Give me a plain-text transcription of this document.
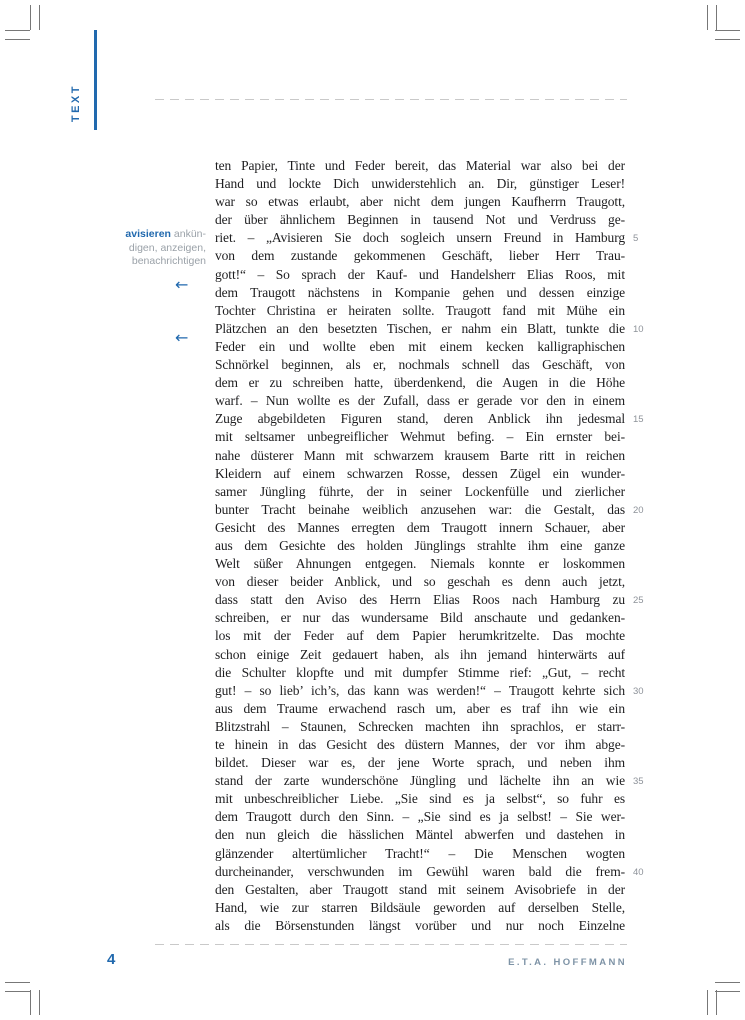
TEXT
avisieren ankün-
digen, anzeigen,
benachrichtigen
←
←
ten Papier, Tinte und Feder bereit, das Material war also bei der
Hand und lockte Dich unwiderstehlich an. Dir, günstiger Leser!
war so etwas erlaubt, aber nicht dem jungen Kaufherrn Traugott,
der über ähnlichem Beginnen in tausend Not und Verdruss ge-
riet. – „Avisieren Sie doch sogleich unsern Freund in Hamburg
von dem zustande gekommenen Geschäft, lieber Herr Trau-
gott!“ – So sprach der Kauf- und Handelsherr Elias Roos, mit
dem Traugott nächstens in Kompanie gehen und dessen einzige
Tochter Christina er heiraten sollte. Traugott fand mit Mühe ein
Plätzchen an den besetzten Tischen, er nahm ein Blatt, tunkte die
Feder ein und wollte eben mit einem kecken kalligraphischen
Schnörkel beginnen, als er, nochmals schnell das Geschäft, von
dem er zu schreiben hatte, überdenkend, die Augen in die Höhe
warf. – Nun wollte es der Zufall, dass er gerade vor den in einem
Zuge abgebildeten Figuren stand, deren Anblick ihn jedesmal
mit seltsamer unbegreiflicher Wehmut befing. – Ein ernster bei-
nahe düsterer Mann mit schwarzem krausem Barte ritt in reichen
Kleidern auf einem schwarzen Rosse, dessen Zügel ein wunder-
samer Jüngling führte, der in seiner Lockenfülle und zierlicher
bunter Tracht beinahe weiblich anzusehen war: die Gestalt, das
Gesicht des Mannes erregten dem Traugott innern Schauer, aber
aus dem Gesichte des holden Jünglings strahlte ihm eine ganze
Welt süßer Ahnungen entgegen. Niemals konnte er loskommen
von dieser beider Anblick, und so geschah es denn auch jetzt,
dass statt den Aviso des Herrn Elias Roos nach Hamburg zu
schreiben, er nur das wundersame Bild anschaute und gedanken-
los mit der Feder auf dem Papier herumkritzelte. Das mochte
schon einige Zeit gedauert haben, als ihn jemand hinterwärts auf
die Schulter klopfte und mit dumpfer Stimme rief: „Gut, – recht
gut! – so lieb’ ich’s, das kann was werden!“ – Traugott kehrte sich
aus dem Traume erwachend rasch um, aber es traf ihn wie ein
Blitzstrahl – Staunen, Schrecken machten ihn sprachlos, er starr-
te hinein in das Gesicht des düstern Mannes, der vor ihm abge-
bildet. Dieser war es, der jene Worte sprach, und neben ihm
stand der zarte wunderschöne Jüngling und lächelte ihn an wie
mit unbeschreiblicher Liebe. „Sie sind es ja selbst“, so fuhr es
dem Traugott durch den Sinn. – „Sie sind es ja selbst! – Sie wer-
den nun gleich die hässlichen Mäntel abwerfen und dastehen in
glänzender altertümlicher Tracht!“ – Die Menschen wogten
durcheinander, verschwunden im Gewühl waren bald die frem-
den Gestalten, aber Traugott stand mit seinem Avisobriefe in der
Hand, wie zur starren Bildsäule geworden auf derselben Stelle,
als die Börsenstunden längst vorüber und nur noch Einzelne
5
10
15
20
25
30
35
40
4	E.T.A. HOFFMANN
